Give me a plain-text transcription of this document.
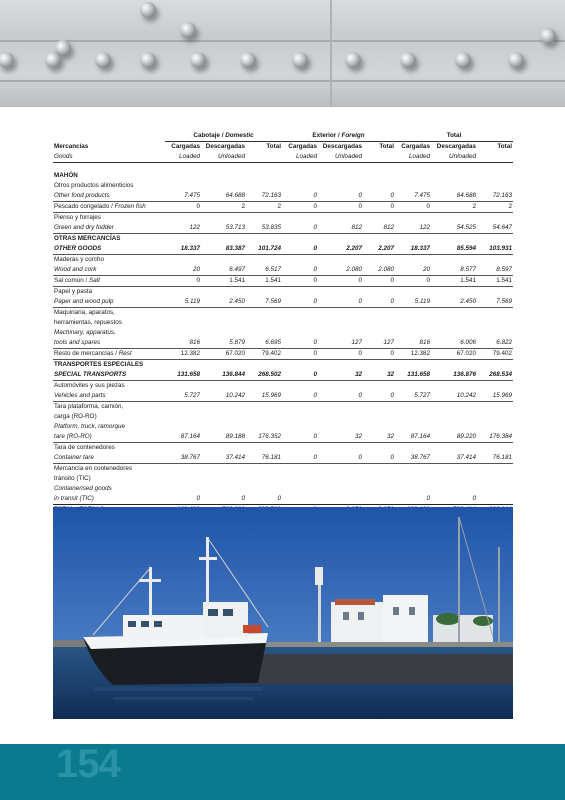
	Cabotaje / Domestic			Exterior / Foreign			Total		
Mercancías	Cargadas	Descargadas	Total	Cargadas	Descargadas	Total	Cargadas	Descargadas	Total
Goods	Loaded	Unloaded		Loaded	Unloaded		Loaded	Unloaded	

MAHÓN									
Otros productos alimenticios									
Other food products	7.475	64.688	72.163	0	0	0	7.475	64.688	72.163
Pescado congelado / Frozen fish	0	2	2	0	0	0	0	2	2
Pienso y forrajes									
Green and dry fodder	122	53.713	53.835	0	812	812	122	54.525	54.647
OTRAS MERCANCÍAS									
OTHER GOODS	18.337	83.387	101.724	0	2.207	2.207	18.337	85.594	103.931
Maderas y corcho									
Wood and cork	20	6.497	6.517	0	2.080	2.080	20	8.577	8.597
Sal común / Salt	0	1.541	1.541	0	0	0	0	1.541	1.541
Papel y pasta									
Paper and wood pulp	5.119	2.450	7.569	0	0	0	5.119	2.450	7.569
Maquinaria, aparatos,									
herramientas, repuestos									
Machinary, apparatus,									
tools and spares	816	5.879	6.695	0	127	127	816	6.006	6.822
Resto de mercancías / Rest	12.382	67.020	79.402	0	0	0	12.382	67.020	79.402
TRANSPORTES ESPECIALES									
SPECIAL TRANSPORTS	131.658	136.844	268.502	0	32	32	131.658	136.876	268.534
Automóviles y sus piezas									
Vehicles and parts	5.727	10.242	15.969	0	0	0	5.727	10.242	15.969
Tara plataforma, camión,									
carga (RO-RO)									
Platform, truck, ramorque									
tare (RO-RO)	87.164	89.188	176.352	0	32	32	87.164	89.220	176.384
Tara de contenedores									
Container tare	38.767	37.414	76.181	0	0	0	38.767	37.414	76.181
Mercancía en contenedores									
tránsito (TIC)									
Containerised goods									
in transit (TIC)	0	0	0				0	0	

154
